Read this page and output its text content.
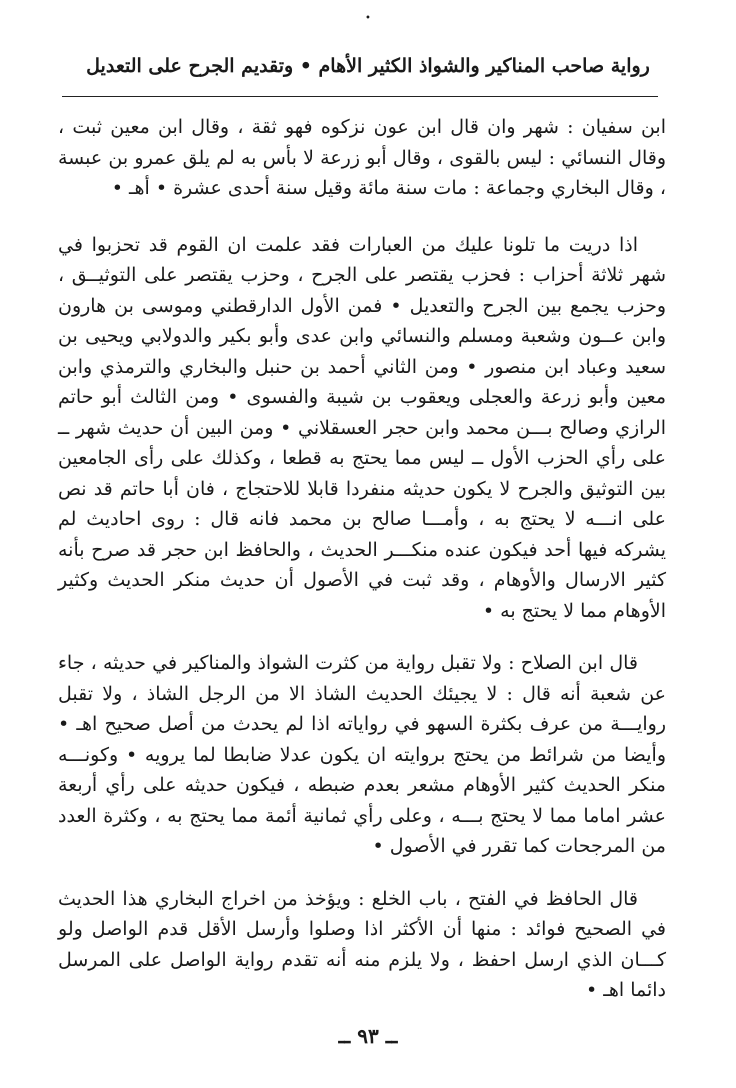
•
رواية صاحب المناكير والشواذ الكثير الأهام • وتقديم الجرح على التعديل

ابن سفيان : شهر وان قال ابن عون نزكوه فهو ثقة ، وقال ابن معين ثبت ، وقال النسائي : ليس بالقوى ، وقال أبو زرعة لا بأس به لم يلق عمرو بن عبسة ، وقال البخاري وجماعة : مات سنة مائة وقيل سنة أحدى عشرة • أهـ •

اذا دريت ما تلونا عليك من العبارات فقد علمت ان القوم قد تحزبوا في شهر ثلاثة أحزاب : فحزب يقتصر على الجرح ، وحزب يقتصر على التوثيــق ، وحزب يجمع بين الجرح والتعديل • فمن الأول الدارقطني وموسى بن هارون وابن عــون وشعبة ومسلم والنسائي وابن عدى وأبو بكير والدولابي ويحيى بن سعيد وعباد ابن منصور • ومن الثاني أحمد بن حنبل والبخاري والترمذي وابن معين وأبو زرعة والعجلى ويعقوب بن شيبة والفسوى • ومن الثالث أبو حاتم الرازي وصالح بـــن محمد وابن حجر العسقلاني • ومن البين أن حديث شهر ــ على رأي الحزب الأول ــ ليس مما يحتج به قطعا ، وكذلك على رأى الجامعين بين التوثيق والجرح لا يكون حديثه منفردا قابلا للاحتجاج ، فان أبا حاتم قد نص على انـــه لا يحتج به ، وأمـــا صالح بن محمد فانه قال : روى احاديث لم يشركه فيها أحد فيكون عنده منكـــر الحديث ، والحافظ ابن حجر قد صرح بأنه كثير الارسال والأوهام ، وقد ثبت في الأصول أن حديث منكر الحديث وكثير الأوهام مما لا يحتج به •

قال ابن الصلاح : ولا تقبل رواية من كثرت الشواذ والمناكير في حديثه ، جاء عن شعبة أنه قال : لا يجيئك الحديث الشاذ الا من الرجل الشاذ ، ولا تقبل روايـــة من عرف بكثرة السهو في رواياته اذا لم يحدث من أصل صحيح اهـ • وأيضا من شرائط من يحتج بروايته ان يكون عدلا ضابطا لما يرويه • وكونـــه منكر الحديث كثير الأوهام مشعر بعدم ضبطه ، فيكون حديثه على رأي أربعة عشر اماما مما لا يحتج بـــه ، وعلى رأي ثمانية أئمة مما يحتج به ، وكثرة العدد من المرجحات كما تقرر في الأصول •

قال الحافظ في الفتح ، باب الخلع : ويؤخذ من اخراج البخاري هذا الحديث في الصحيح فوائد : منها أن الأكثر اذا وصلوا وأرسل الأقل قدم الواصل ولو كـــان الذي ارسل احفظ ، ولا يلزم منه أنه تقدم رواية الواصل على المرسل دائما اهـ •

ــ ٩٣ ــ
